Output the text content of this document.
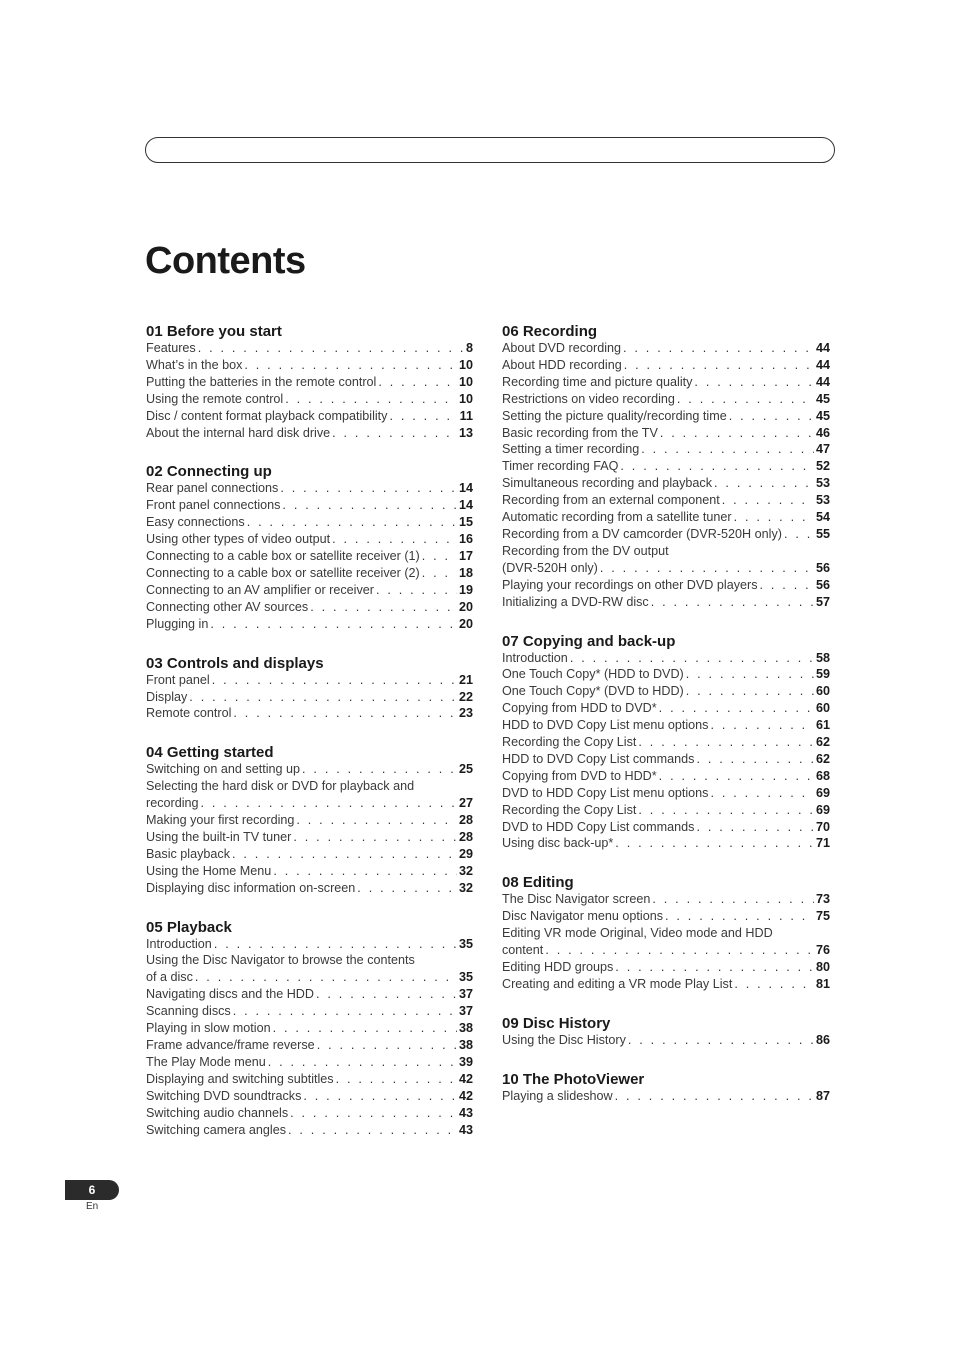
Contents
01 Before you start
Features . . .	8
What’s in the box . . .	10
Putting the batteries in the remote control . . .	10
Using the remote control . . .	10
Disc / content format playback compatibility . . .	11
About the internal hard disk drive . . .	13
02 Connecting up
Rear panel connections . . .	14
Front panel connections . . .	14
Easy connections . . .	15
Using other types of video output . . .	16
Connecting to a cable box or satellite receiver (1) . . .	17
Connecting to a cable box or satellite receiver (2) . . .	18
Connecting to an AV amplifier or receiver . . .	19
Connecting other AV sources . . .	20
Plugging in . . .	20
03 Controls and displays
Front panel . . .	21
Display . . .	22
Remote control . . .	23
04 Getting started
Switching on and setting up . . .	25
Selecting the hard disk or DVD for playback and
recording . . .	27
Making your first recording . . .	28
Using the built-in TV tuner . . .	28
Basic playback . . .	29
Using the Home Menu . . .	32
Displaying disc information on-screen . . .	32
05 Playback
Introduction . . .	35
Using the Disc Navigator to browse the contents
of a disc . . .	35
Navigating discs and the HDD . . .	37
Scanning discs . . .	37
Playing in slow motion . . .	38
Frame advance/frame reverse . . .	38
The Play Mode menu . . .	39
Displaying and switching subtitles . . .	42
Switching DVD soundtracks . . .	42
Switching audio channels . . .	43
Switching camera angles . . .	43
06 Recording
About DVD recording . . .	44
About HDD recording . . .	44
Recording time and picture quality . . .	44
Restrictions on video recording . . .	45
Setting the picture quality/recording time . . .	45
Basic recording from the TV . . .	46
Setting a timer recording . . .	47
Timer recording FAQ . . .	52
Simultaneous recording and playback . . .	53
Recording from an external component . . .	53
Automatic recording from a satellite tuner . . .	54
Recording from a DV camcorder (DVR-520H only) . . .	55
Recording from the DV output
(DVR-520H only) . . .	56
Playing your recordings on other DVD players . . .	56
Initializing a DVD-RW disc . . .	57
07 Copying and back-up
Introduction . . .	58
One Touch Copy* (HDD to DVD) . . .	59
One Touch Copy* (DVD to HDD) . . .	60
Copying from HDD to DVD* . . .	60
HDD to DVD Copy List menu options . . .	61
Recording the Copy List . . .	62
HDD to DVD Copy List commands . . .	62
Copying from DVD to HDD* . . .	68
DVD to HDD Copy List menu options . . .	69
Recording the Copy List . . .	69
DVD to HDD Copy List commands . . .	70
Using disc back-up* . . .	71
08 Editing
The Disc Navigator screen . . .	73
Disc Navigator menu options . . .	75
Editing VR mode Original, Video mode and HDD
content . . .	76
Editing HDD groups . . .	80
Creating and editing a VR mode Play List . . .	81
09 Disc History
Using the Disc History . . .	86
10 The PhotoViewer
Playing a slideshow . . .	87
6
En
